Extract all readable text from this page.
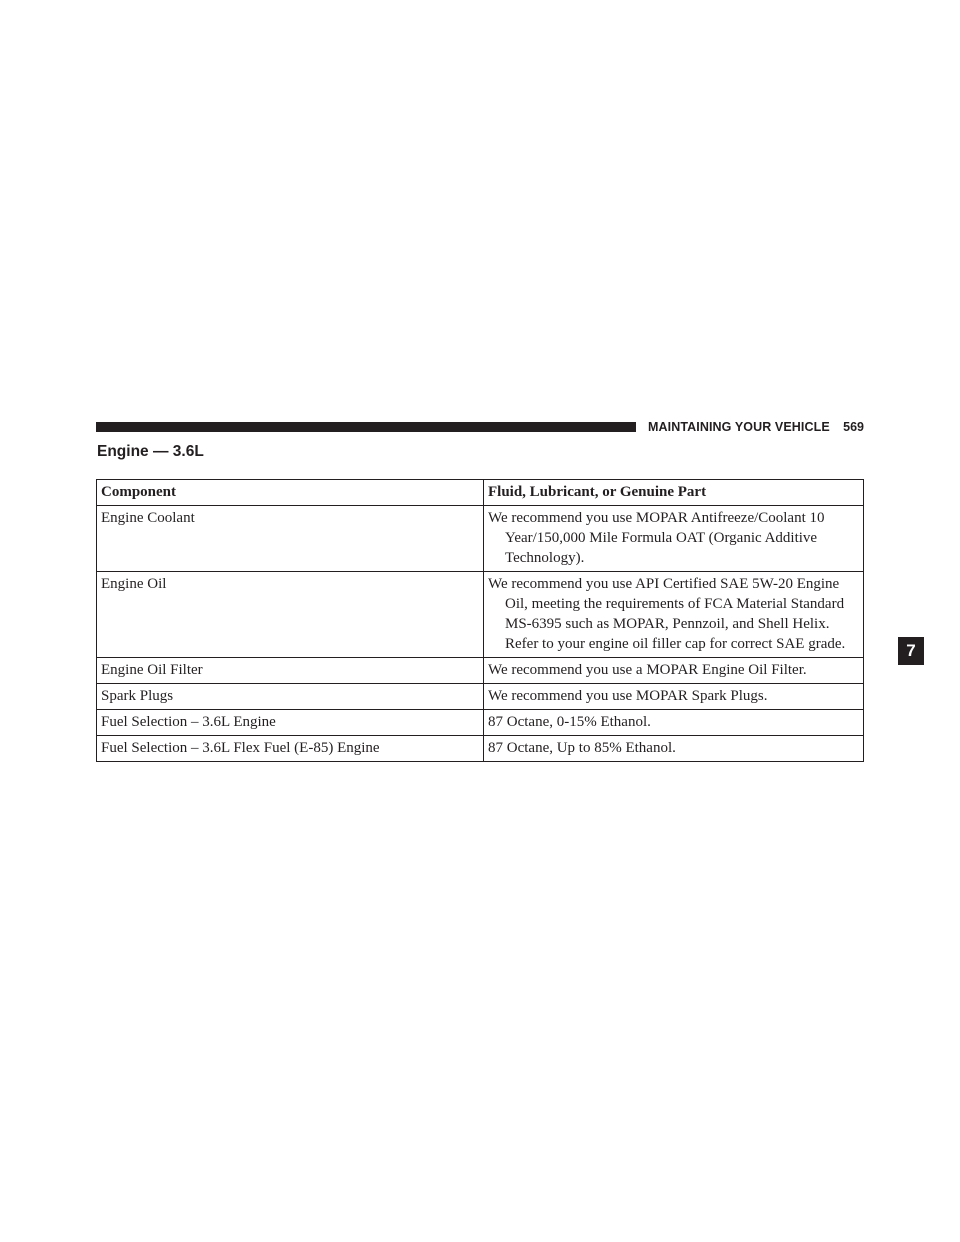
MAINTAINING YOUR VEHICLE 569
Engine — 3.6L
7
Component	Fluid, Lubricant, or Genuine Part
Engine Coolant	We recommend you use MOPAR Antifreeze/Coolant 10 Year/150,000 Mile Formula OAT (Organic Additive Technology).

Engine Oil	We recommend you use API Certified SAE 5W-20 Engine Oil, meeting the requirements of FCA Material Standard MS-6395 such as MOPAR, Pennzoil, and Shell Helix. Refer to your engine oil filler cap for correct SAE grade.

Engine Oil Filter	We recommend you use a MOPAR Engine Oil Filter.

Spark Plugs	We recommend you use MOPAR Spark Plugs.

Fuel Selection – 3.6L Engine	87 Octane, 0-15% Ethanol.

Fuel Selection – 3.6L Flex Fuel (E-85) Engine	87 Octane, Up to 85% Ethanol.
